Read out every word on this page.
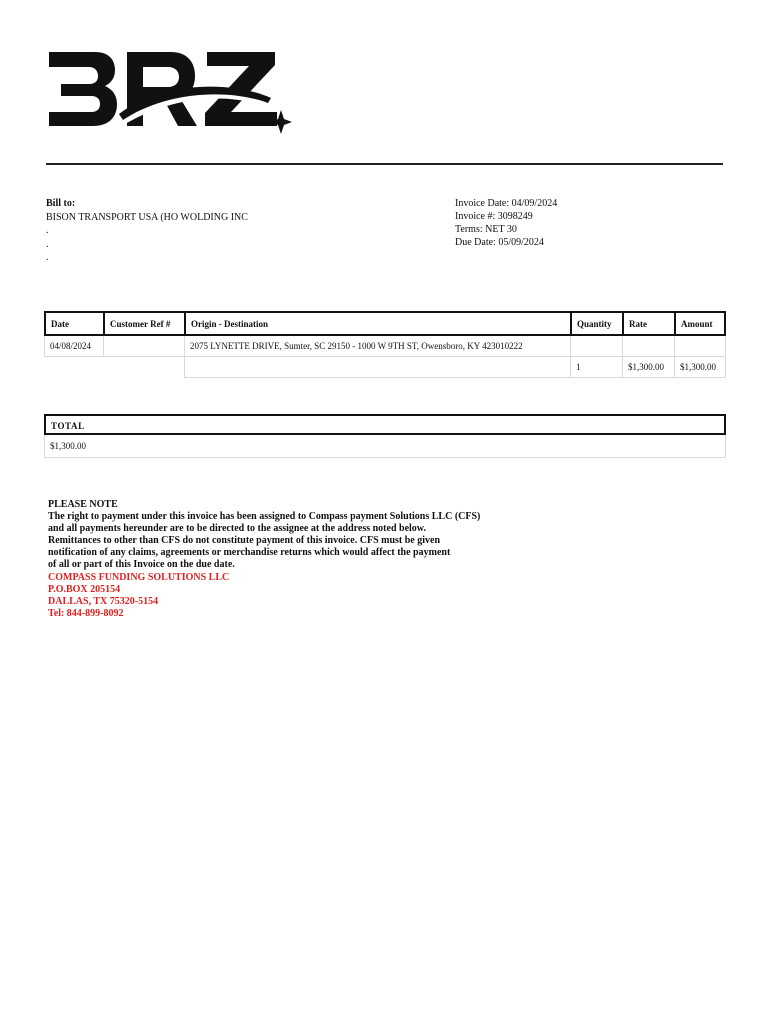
Bill to:
BISON TRANSPORT USA (HO WOLDING INC
.
.
.
Invoice Date: 04/09/2024
Invoice #: 3098249
Terms: NET 30
Due Date: 05/09/2024
Date	Customer Ref #	Origin - Destination	Quantity	Rate	Amount
04/08/2024		2075 LYNETTE DRIVE, Sumter, SC 29150 - 1000 W 9TH ST, Owensboro, KY 423010222			
			1	$1,300.00	$1,300.00
TOTAL
$1,300.00
PLEASE NOTE
The right to payment under this invoice has been assigned to Compass payment Solutions LLC (CFS)
and all payments hereunder are to be directed to the assignee at the address noted below.
Remittances to other than CFS do not constitute payment of this invoice. CFS must be given
notification of any claims, agreements or merchandise returns which would affect the payment
of all or part of this Invoice on the due date.
COMPASS FUNDING SOLUTIONS LLC
P.O.BOX 205154
DALLAS, TX 75320-5154
Tel: 844-899-8092
